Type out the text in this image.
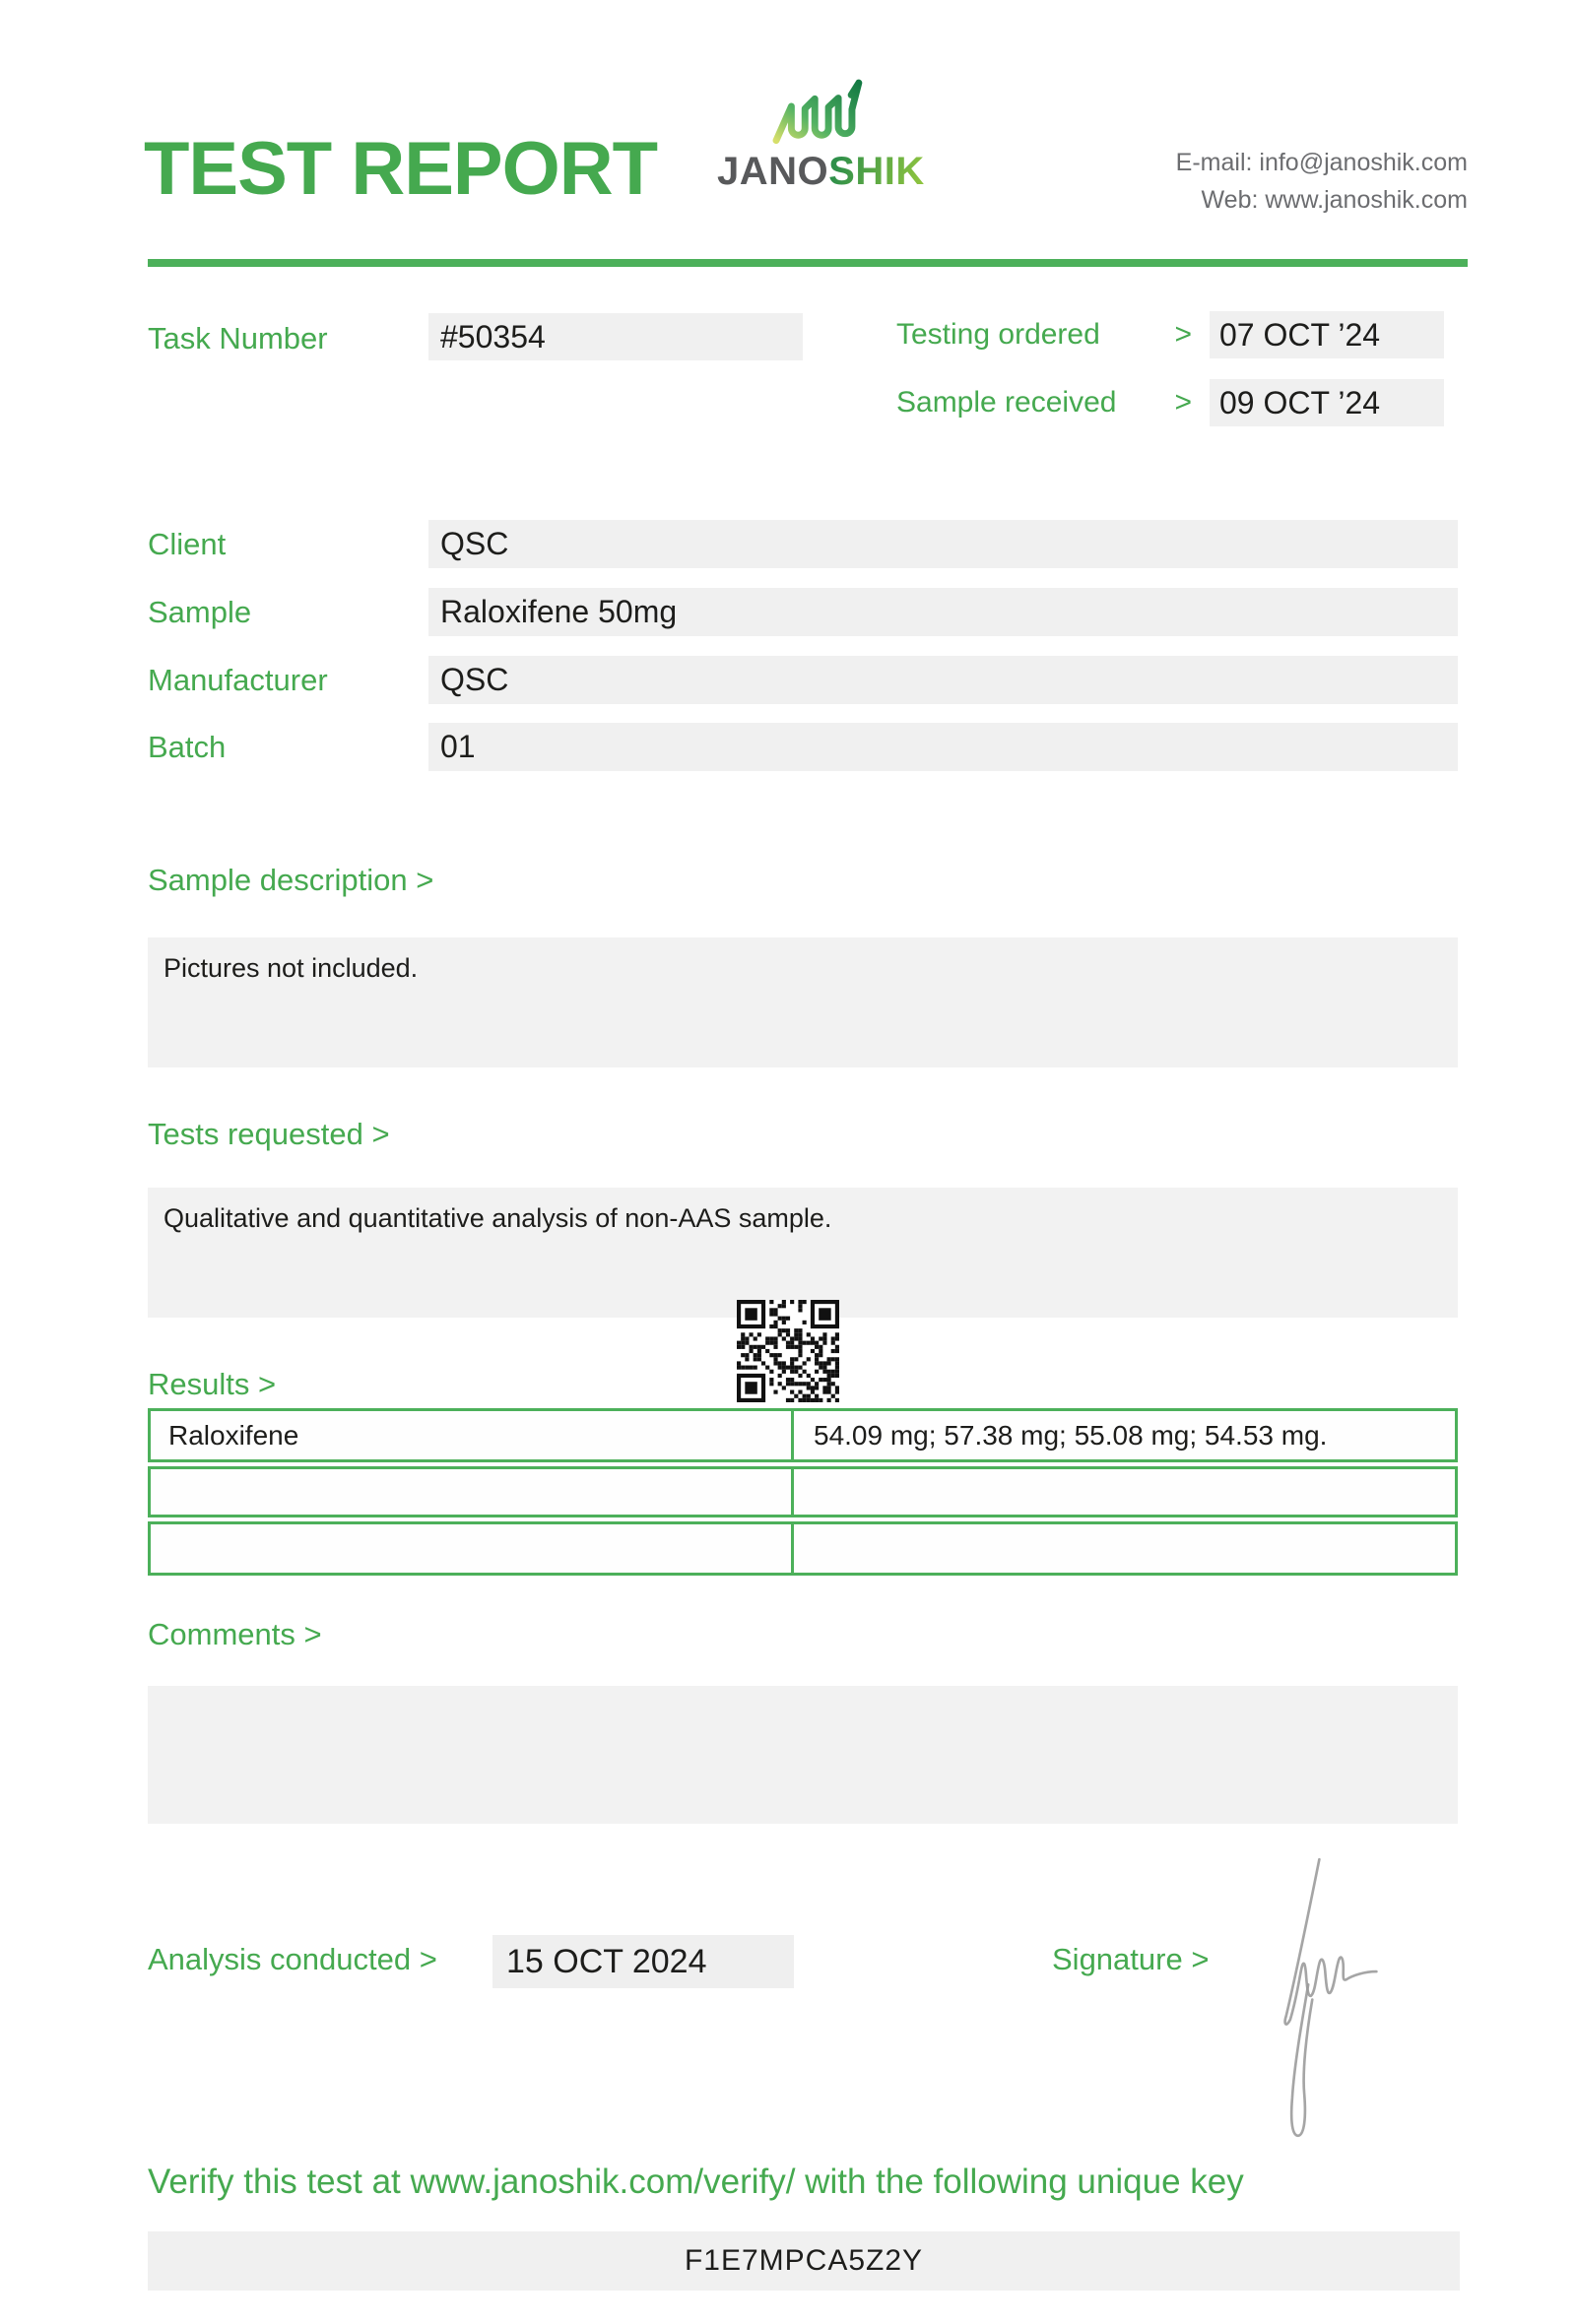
TEST REPORT JANOSHIK	E-mail: info@janoshik.com
Web: www.janoshik.com
Task Number	#50354	Testing ordered	> 07 OCT ’24
Sample received > 09 OCT ’24
Client	QSC
Sample	Raloxifene 50mg
Manufacturer	QSC
Batch	01
Sample description >
Pictures not included.
Tests requested >
Qualitative and quantitative analysis of non-AAS sample.
Results >
Raloxifene	54.09 mg; 57.38 mg; 55.08 mg; 54.53 mg.
Comments >
Analysis conducted >	15 OCT 2024	Signature >
Verify this test at www.janoshik.com/verify/ with the following unique key
F1E7MPCA5Z2Y
